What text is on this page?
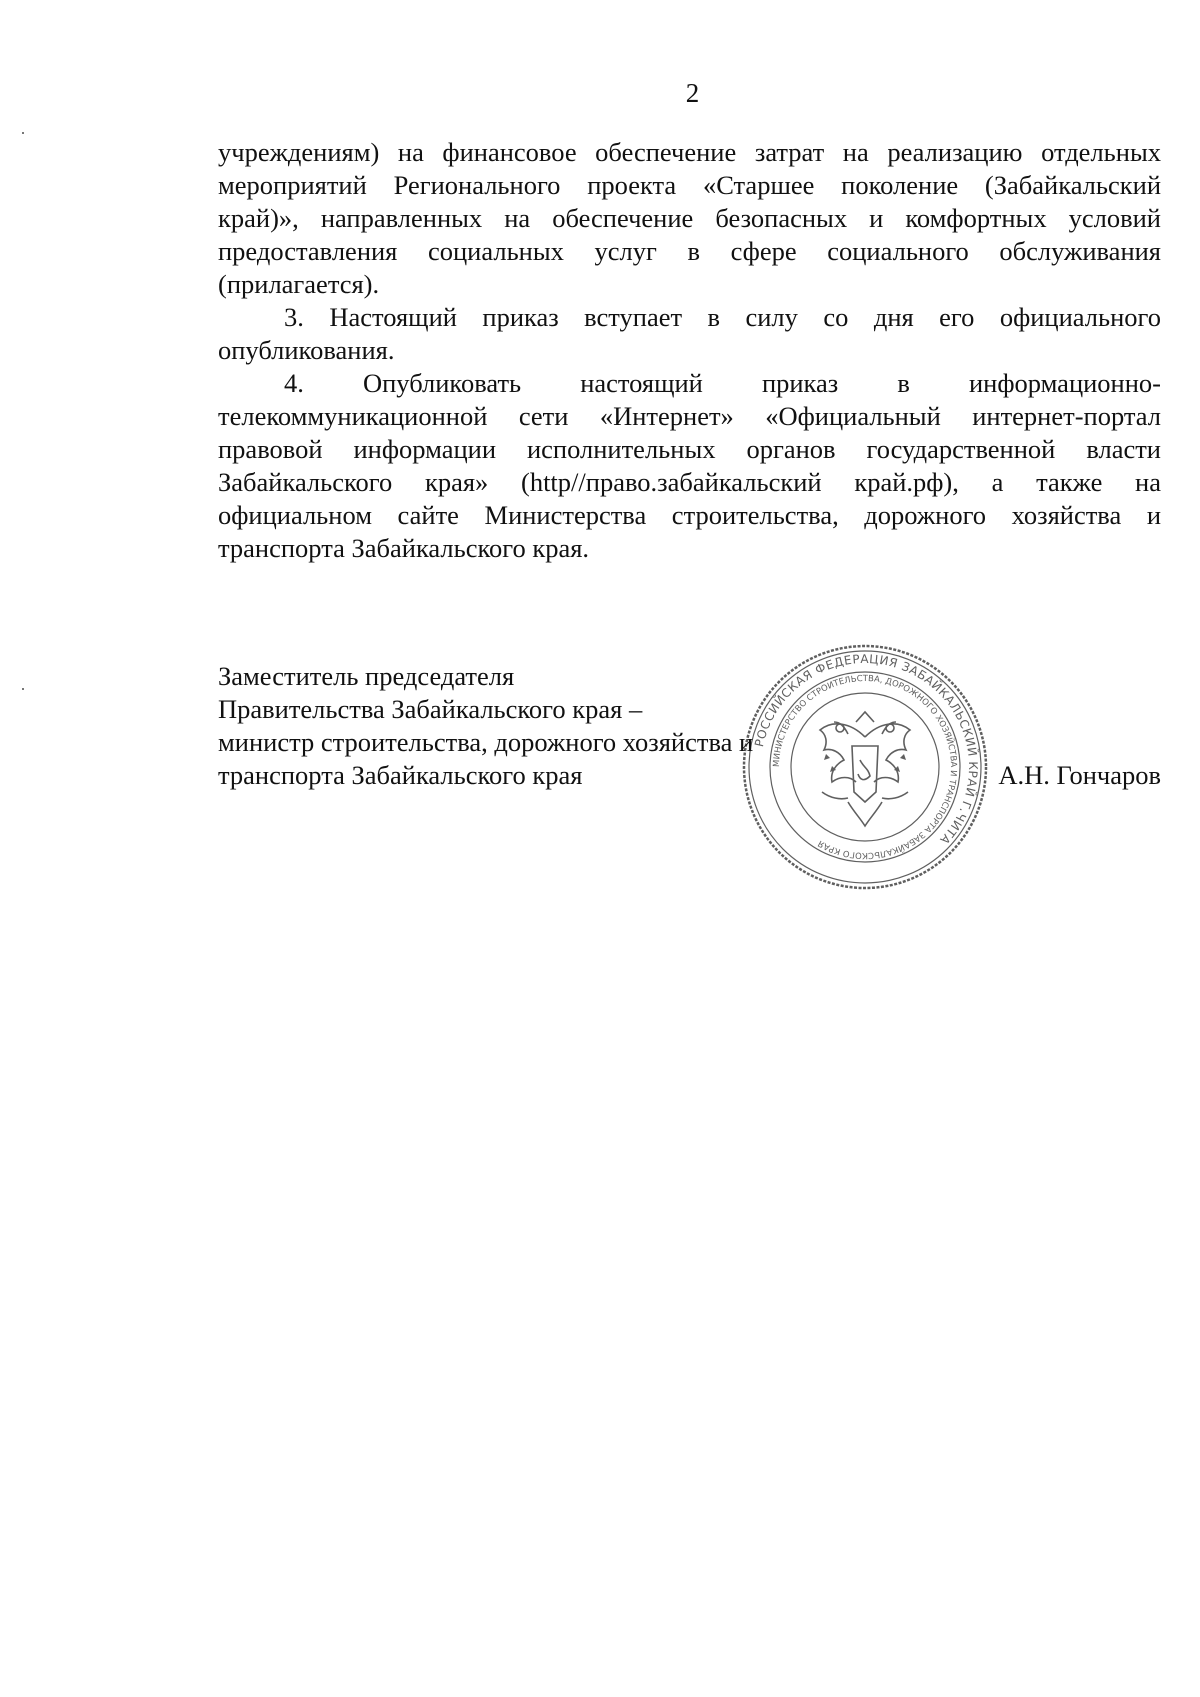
2

учреждениям) на финансовое обеспечение затрат на реализацию отдельных
мероприятий Регионального проекта «Старшее поколение (Забайкальский
край)», направленных на обеспечение безопасных и комфортных условий
предоставления социальных услуг в сфере социального обслуживания
(прилагается).

3. Настоящий приказ вступает в силу со дня его официального
опубликования.

4. Опубликовать настоящий приказ в информационно-
телекоммуникационной сети «Интернет» «Официальный интернет-портал
правовой информации исполнительных органов государственной власти
Забайкальского края» (http//право.забайкальский край.рф), а также на
официальном сайте Министерства строительства, дорожного хозяйства и
транспорта Забайкальского края.

РОССИЙСКАЯ ФЕДЕРАЦИЯ ЗАБАЙКАЛЬСКИЙ КРАЙ Г.ЧИТА
МИНИСТЕРСТВО СТРОИТЕЛЬСТВА, ДОРОЖНОГО ХОЗЯЙСТВА И ТРАНСПОРТА ЗАБАЙКАЛЬСКОГО КРАЯ
Заместитель председателя
Правительства Забайкальского края –
министр строительства, дорожного хозяйства и
транспорта Забайкальского края	А.Н. Гончаров
